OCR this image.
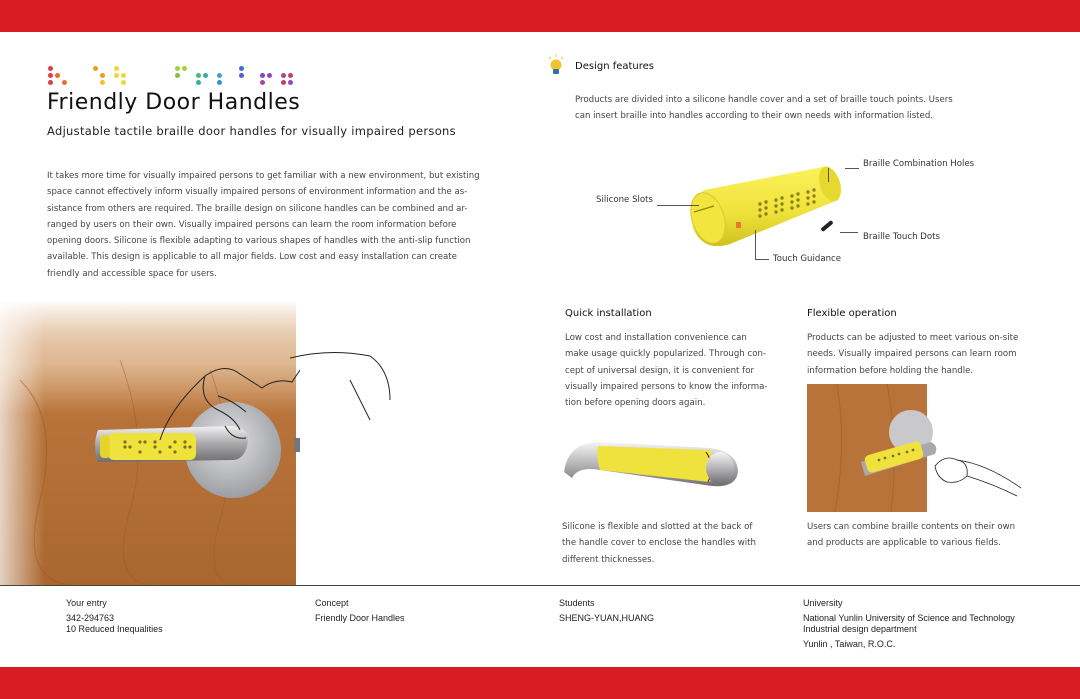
Friendly Door Handles
Adjustable tactile braille door handles for visually impaired persons
It takes more time for visually impaired persons to get familiar with a new environment, but existing
space cannot effectively inform visually impaired persons of environment information and the as-
sistance from others are required. The braille design on silicone handles can be combined and ar-
ranged by users on their own. Visually impaired persons can learn the room information before
opening doors. Silicone is flexible adapting to various shapes of handles with the anti-slip function
available. This design is applicable to all major fields. Low cost and easy installation can create
friendly and accessible space for users.
Design features
Products are divided into a silicone handle cover and a set of braille touch points. Users
can insert braille into handles according to their own needs with information listed.
Braille Combination Holes
Silicone Slots
Braille Touch Dots
Touch Guidance
Quick installation
Low cost and installation convenience can
make usage quickly popularized. Through con-
cept of universal design, it is convenient for
visually impaired persons to know the informa-
tion before opening doors again.
Silicone is flexible and slotted at the back of
the handle cover to enclose the handles with
different thicknesses.
Flexible operation
Products can be adjusted to meet various on-site
needs. Visually impaired persons can learn room
information before holding the handle.
Users can combine braille contents on their own
and products are applicable to various fields.
Your entry
342-294763
10 Reduced Inequalities
Concept
Friendly Door Handles
Students
SHENG-YUAN,HUANG
University
National Yunlin University of Science and Technology
Industrial design department
Yunlin , Taiwan, R.O.C.
